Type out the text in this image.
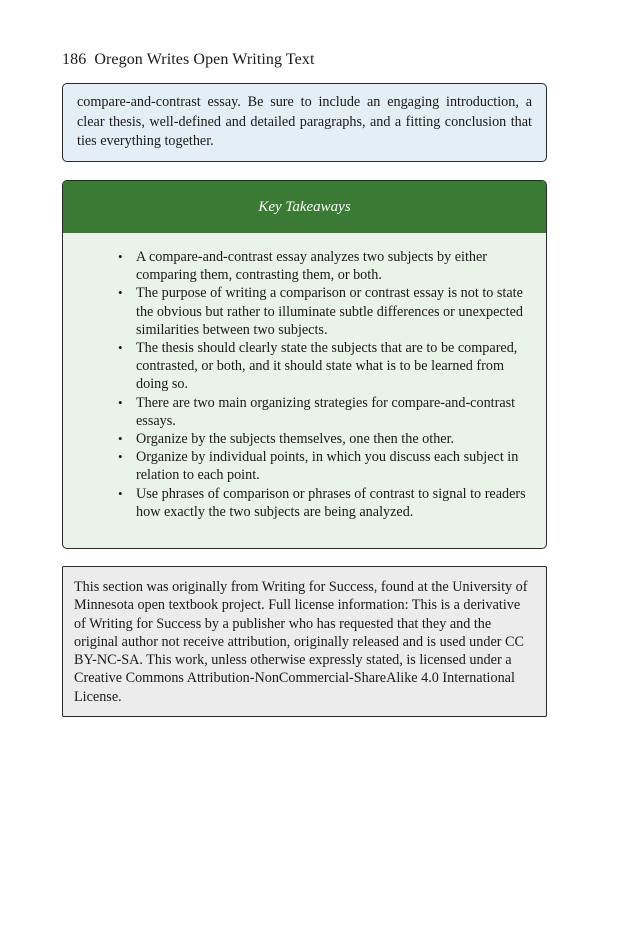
186 Oregon Writes Open Writing Text
compare-and-contrast essay. Be sure to include an engaging introduction, a clear thesis, well-defined and detailed paragraphs, and a fitting conclusion that ties everything together.
Key Takeaways
• A compare-and-contrast essay analyzes two subjects by either comparing them, contrasting them, or both.
• The purpose of writing a comparison or contrast essay is not to state the obvious but rather to illuminate subtle differences or unexpected similarities between two subjects.
• The thesis should clearly state the subjects that are to be compared, contrasted, or both, and it should state what is to be learned from doing so.
• There are two main organizing strategies for compare-and-contrast essays.
• Organize by the subjects themselves, one then the other.
• Organize by individual points, in which you discuss each subject in relation to each point.
• Use phrases of comparison or phrases of contrast to signal to readers how exactly the two subjects are being analyzed.
This section was originally from Writing for Success, found at the University of Minnesota open textbook project. Full license information: This is a derivative of Writing for Success by a publisher who has requested that they and the original author not receive attribution, originally released and is used under CC BY-NC-SA. This work, unless otherwise expressly stated, is licensed under a Creative Commons Attribution-NonCommercial-ShareAlike 4.0 International License.
